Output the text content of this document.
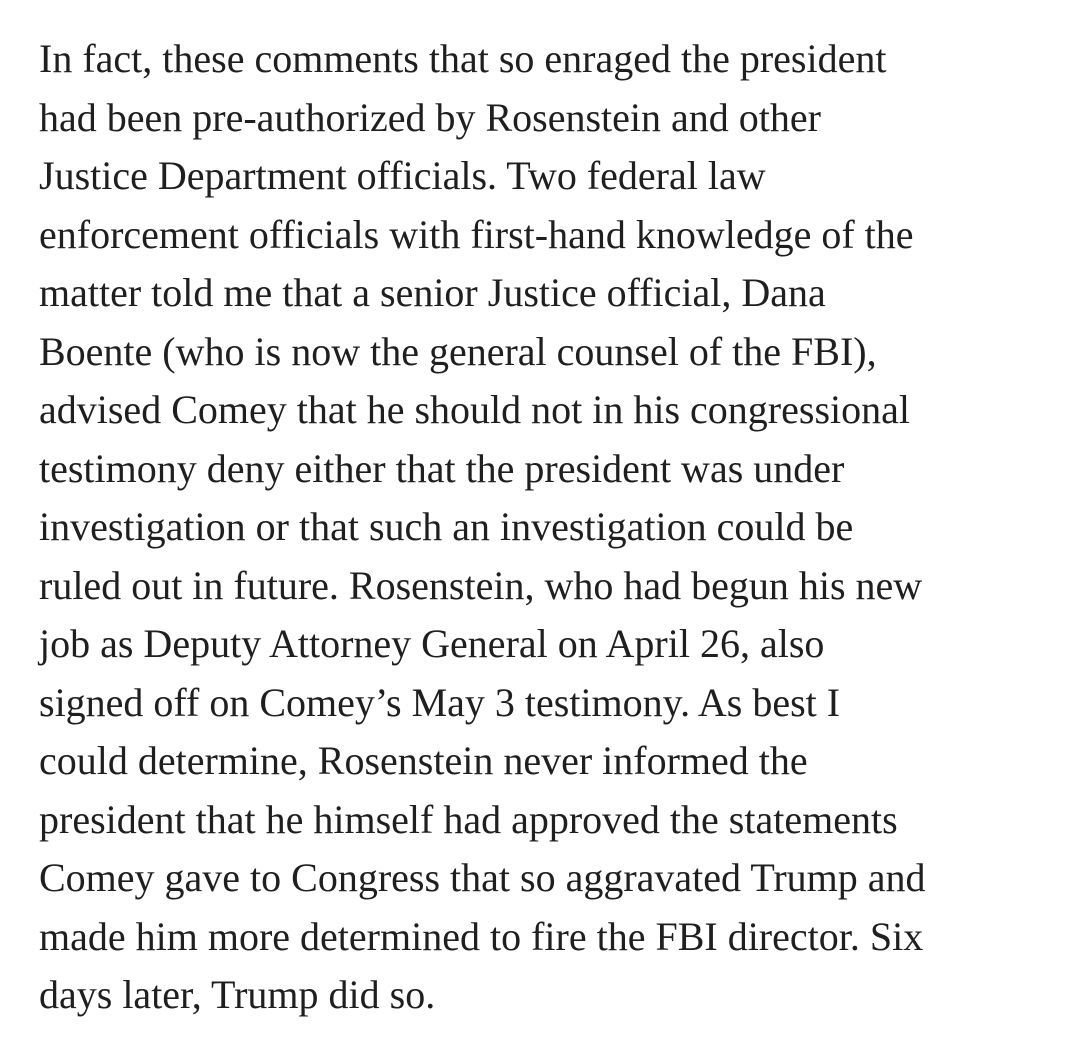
In fact, these comments that so enraged the president
had been pre-authorized by Rosenstein and other
Justice Department officials. Two federal law
enforcement officials with first-hand knowledge of the
matter told me that a senior Justice official, Dana
Boente (who is now the general counsel of the FBI),
advised Comey that he should not in his congressional
testimony deny either that the president was under
investigation or that such an investigation could be
ruled out in future. Rosenstein, who had begun his new
job as Deputy Attorney General on April 26, also
signed off on Comey’s May 3 testimony. As best I
could determine, Rosenstein never informed the
president that he himself had approved the statements
Comey gave to Congress that so aggravated Trump and
made him more determined to fire the FBI director. Six
days later, Trump did so.
